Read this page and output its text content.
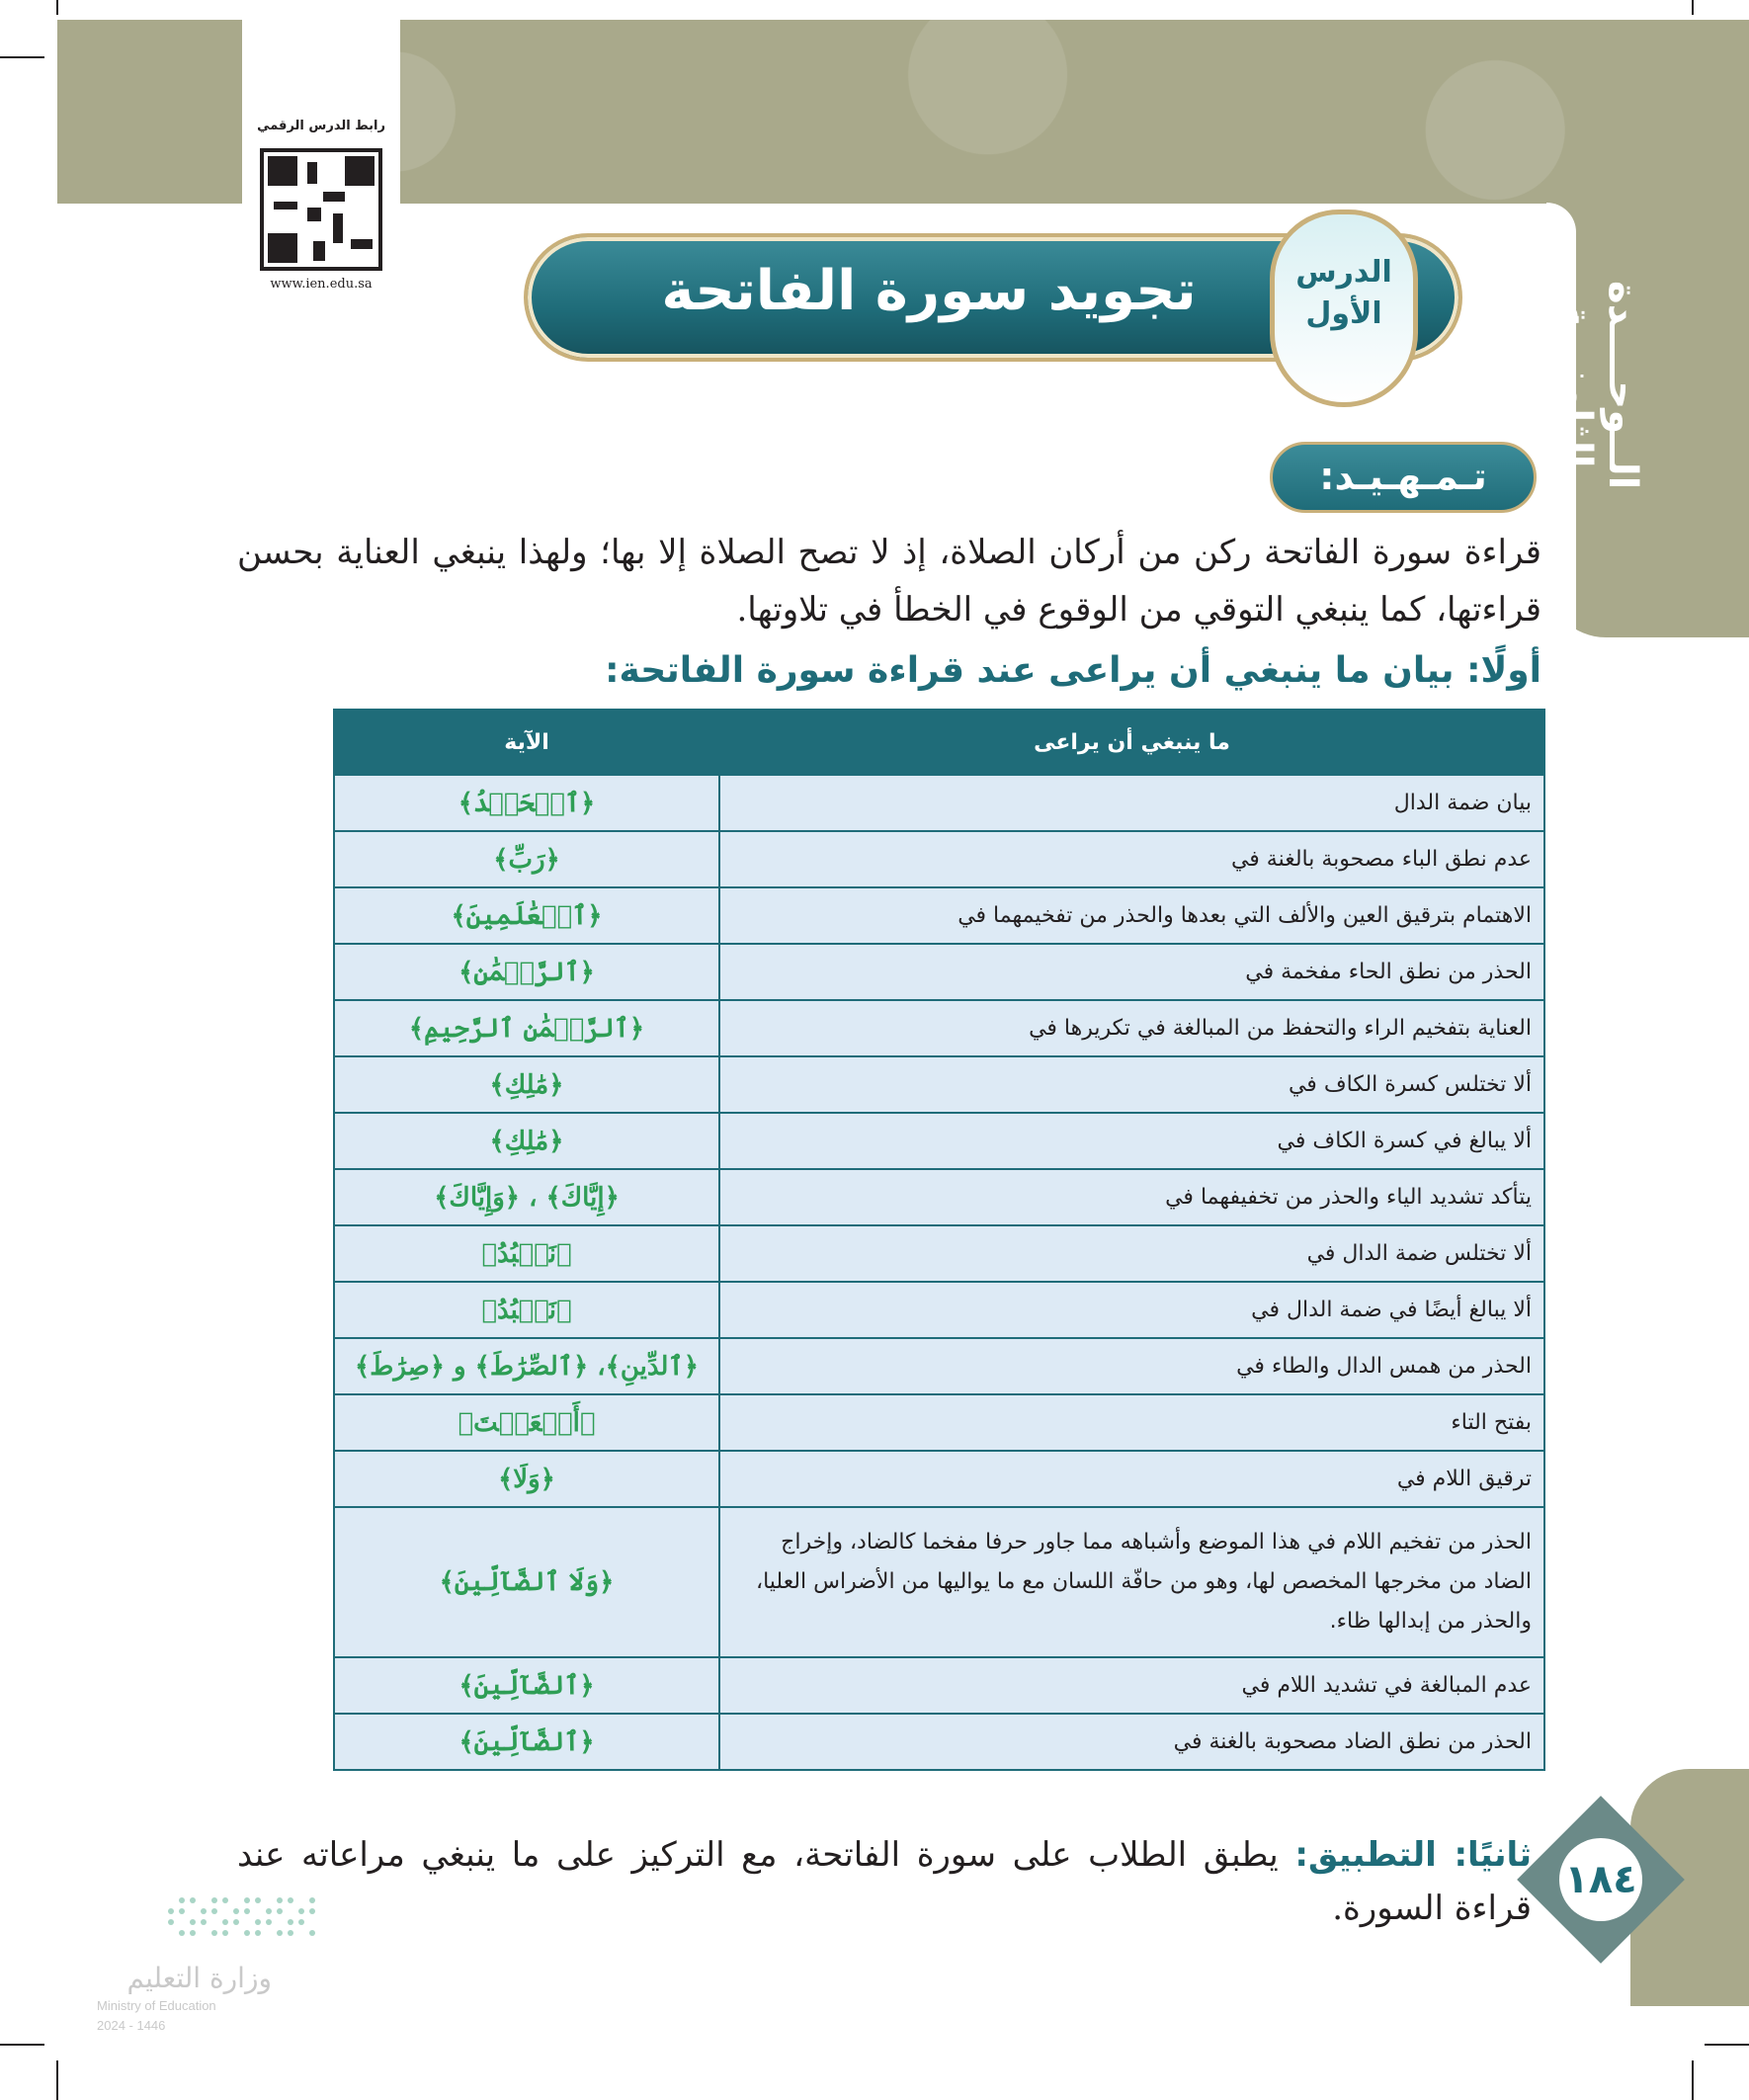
الــوحــــدة الثامنـــة
رابط الدرس الرقمي
www.ien.edu.sa	تجويد سورة الفاتحة	الدرس
الأول
تـمـهـيـد:
قراءة سورة الفاتحة ركن من أركان الصلاة، إذ لا تصح الصلاة إلا بها؛ ولهذا ينبغي العناية بحسن قراءتها، كما ينبغي التوقي من الوقوع في الخطأ في تلاوتها.
أولًا: بيان ما ينبغي أن يراعى عند قراءة سورة الفاتحة:
ما ينبغي أن يراعى	الآية
بيان ضمة الدال	﴿ٱلۡحَمۡدُ﴾
عدم نطق الباء مصحوبة بالغنة في	﴿رَبِّ﴾
الاهتمام بترقيق العين والألف التي بعدها والحذر من تفخيمهما في	﴿ٱلۡعَٰلَمِينَ﴾
الحذر من نطق الحاء مفخمة في	﴿ٱلرَّحۡمَٰنِ﴾
العناية بتفخيم الراء والتحفظ من المبالغة في تكريرها في	﴿ٱلرَّحۡمَٰنِ ٱلرَّحِيمِ﴾
ألا تختلس كسرة الكاف في	﴿مَٰلِكِ﴾
ألا يبالغ في كسرة الكاف في	﴿مَٰلِكِ﴾
يتأكد تشديد الياء والحذر من تخفيفهما في	﴿إِيَّاكَ﴾ ، ﴿وَإِيَّاكَ﴾
ألا تختلس ضمة الدال في	﴿نَعۡبُدُ﴾
ألا يبالغ أيضًا في ضمة الدال في	﴿نَعۡبُدُ﴾
الحذر من همس الدال والطاء في	﴿ٱلدِّينِ﴾، ﴿ٱلصِّرَٰطَ﴾ و ﴿صِرَٰطَ﴾
بفتح التاء	﴿أَنۡعَمۡتَ﴾
ترقيق اللام في	﴿وَلَا﴾
الحذر من تفخيم اللام في هذا الموضع وأشباهه مما جاور حرفا مفخما كالضاد، وإخراج الضاد من مخرجها المخصص لها، وهو من حافّة اللسان مع ما يواليها من الأضراس العليا، والحذر من إبدالها ظاء.	﴿وَلَا ٱلضَّآلِّينَ﴾
عدم المبالغة في تشديد اللام في	﴿ٱلضَّآلِّينَ﴾
الحذر من نطق الضاد مصحوبة بالغنة في	﴿ٱلضَّآلِّينَ﴾
١٨٤
ثانيًا: التطبيق: يطبق الطلاب على سورة الفاتحة، مع التركيز على ما ينبغي مراعاته عند قراءة السورة.
وزارة التعليم
Ministry of Education
2024 - 1446
